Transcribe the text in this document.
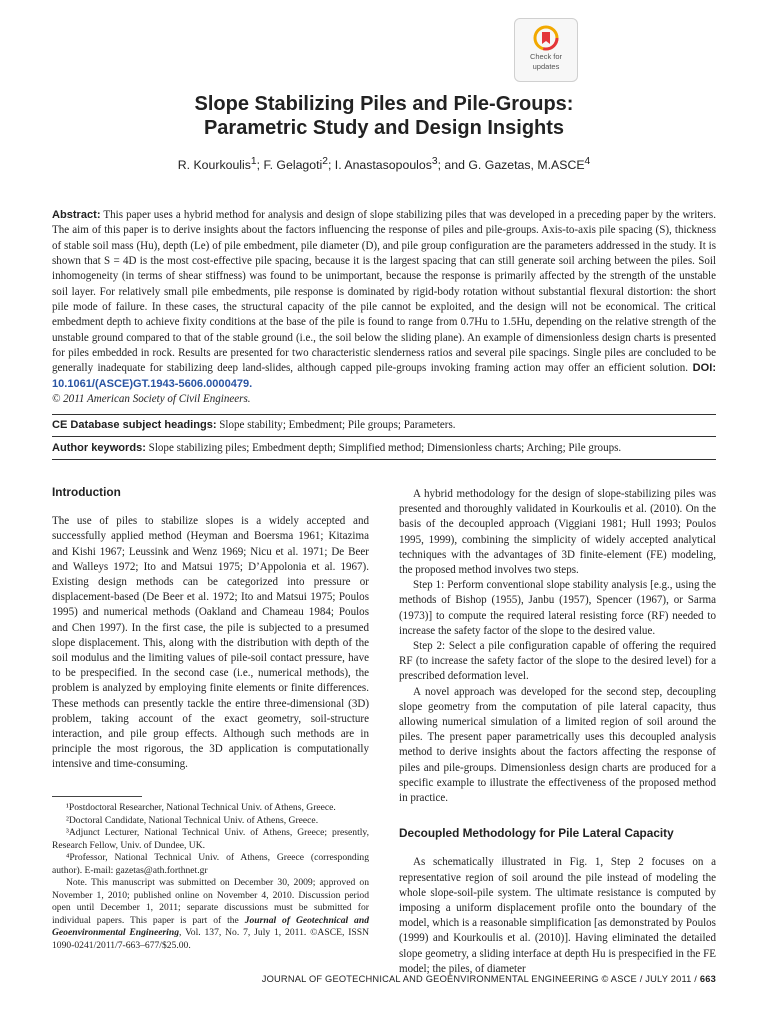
Check for
updates
Slope Stabilizing Piles and Pile-Groups:
Parametric Study and Design Insights
R. Kourkoulis$^1$; F. Gelagoti$^2$; I. Anastasopoulos$^3$; and G. Gazetas, M.ASCE$^4$
Abstract: This paper uses a hybrid method for analysis and design of slope stabilizing piles that was developed in a preceding paper by the writers. The aim of this paper is to derive insights about the factors influencing the response of piles and pile-groups. Axis-to-axis pile spacing (S), thickness of stable soil mass (Hu), depth (Le) of pile embedment, pile diameter (D), and pile group configuration are the parameters addressed in the study. It is shown that S = 4D is the most cost-effective pile spacing, because it is the largest spacing that can still generate soil arching between the piles. Soil inhomogeneity (in terms of shear stiffness) was found to be unimportant, because the response is primarily affected by the strength of the unstable soil layer. For relatively small pile embedments, pile response is dominated by rigid-body rotation without substantial flexural distortion: the short pile mode of failure. In these cases, the structural capacity of the pile cannot be exploited, and the design will not be economical. The critical embedment depth to achieve fixity conditions at the base of the pile is found to range from 0.7Hu to 1.5Hu, depending on the relative strength of the unstable ground compared to that of the stable ground (i.e., the soil below the sliding plane). An example of dimensionless design charts is presented for piles embedded in rock. Results are presented for two characteristic slenderness ratios and several pile spacings. Single piles are concluded to be generally inadequate for stabilizing deep land-slides, although capped pile-groups invoking framing action may offer an efficient solution. DOI: 10.1061/(ASCE)GT.1943-5606.0000479.
© 2011 American Society of Civil Engineers.
CE Database subject headings: Slope stability; Embedment; Pile groups; Parameters.
Author keywords: Slope stabilizing piles; Embedment depth; Simplified method; Dimensionless charts; Arching; Pile groups.
Introduction

The use of piles to stabilize slopes is a widely accepted and successfully applied method (Heyman and Boersma 1961; Kitazima and Kishi 1967; Leussink and Wenz 1969; Nicu et al. 1971; De Beer and Walleys 1972; Ito and Matsui 1975; D’Appolonia et al. 1967). Existing design methods can be categorized into pressure or displacement-based (De Beer et al. 1972; Ito and Matsui 1975; Poulos 1995) and numerical methods (Oakland and Chameau 1984; Poulos and Chen 1997). In the first case, the pile is subjected to a presumed slope displacement. This, along with the distribution with depth of the soil modulus and the limiting values of pile-soil contact pressure, have to be prespecified. In the second case (i.e., numerical methods), the problem is analyzed by employing finite elements or finite differences. These methods can presently tackle the entire three-dimensional (3D) problem, taking account of the exact geometry, soil-structure interaction, and pile group effects. Although such methods are in principle the most rigorous, the 3D application is computationally intensive and time-consuming.

¹Postdoctoral Researcher, National Technical Univ. of Athens, Greece.

²Doctoral Candidate, National Technical Univ. of Athens, Greece.

³Adjunct Lecturer, National Technical Univ. of Athens, Greece; presently, Research Fellow, Univ. of Dundee, UK.

⁴Professor, National Technical Univ. of Athens, Greece (corresponding author). E-mail: gazetas@ath.forthnet.gr

Note. This manuscript was submitted on December 30, 2009; approved on November 1, 2010; published online on November 4, 2010. Discussion period open until December 1, 2011; separate discussions must be submitted for individual papers. This paper is part of the Journal of Geotechnical and Geoenvironmental Engineering, Vol. 137, No. 7, July 1, 2011. ©ASCE, ISSN 1090-0241/2011/7-663–677/$25.00.

A hybrid methodology for the design of slope-stabilizing piles was presented and thoroughly validated in Kourkoulis et al. (2010). On the basis of the decoupled approach (Viggiani 1981; Hull 1993; Poulos 1995, 1999), combining the simplicity of widely accepted analytical techniques with the advantages of 3D finite-element (FE) modeling, the proposed method involves two steps.

Step 1: Perform conventional slope stability analysis [e.g., using the methods of Bishop (1955), Janbu (1957), Spencer (1967), or Sarma (1973)] to compute the required lateral resisting force (RF) needed to increase the safety factor of the slope to the desired value.

Step 2: Select a pile configuration capable of offering the required RF (to increase the safety factor of the slope to the desired level) for a prescribed deformation level.

A novel approach was developed for the second step, decoupling slope geometry from the computation of pile lateral capacity, thus allowing numerical simulation of a limited region of soil around the piles. The present paper parametrically uses this decoupled analysis method to derive insights about the factors affecting the response of piles and pile-groups. Dimensionless design charts are produced for a specific example to illustrate the effectiveness of the proposed method in practice.

Decoupled Methodology for Pile Lateral Capacity

As schematically illustrated in Fig. 1, Step 2 focuses on a representative region of soil around the pile instead of modeling the whole slope-soil-pile system. The ultimate resistance is computed by imposing a uniform displacement profile onto the boundary of the model, which is a reasonable simplification [as demonstrated by Poulos (1999) and Kourkoulis et al. (2010)]. Having eliminated the detailed slope geometry, a sliding interface at depth Hu is prespecified in the FE model; the piles, of diameter

JOURNAL OF GEOTECHNICAL AND GEOENVIRONMENTAL ENGINEERING © ASCE / JULY 2011 / 663
